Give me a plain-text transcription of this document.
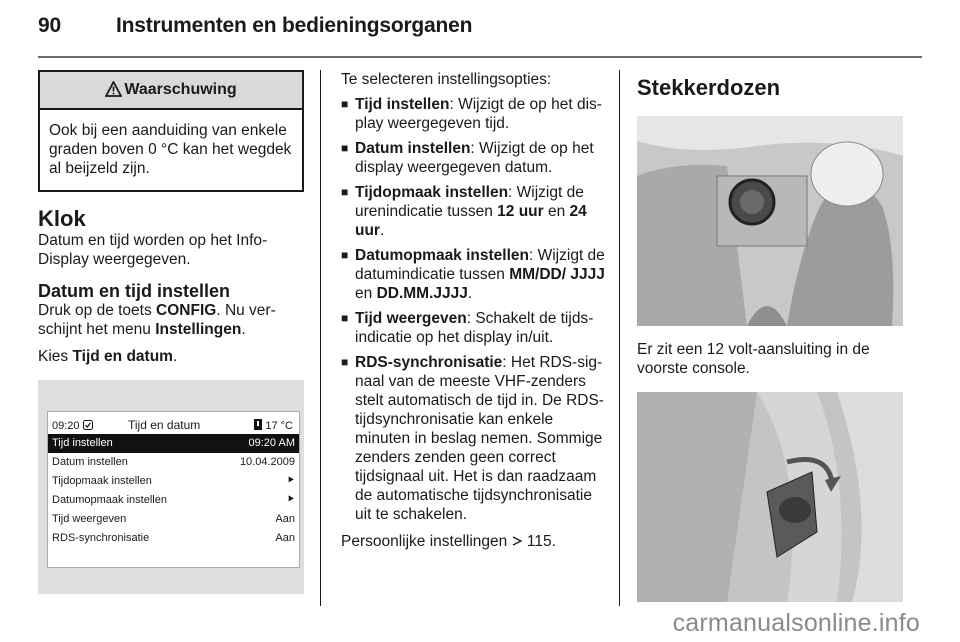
90	Instrumenten en bedieningsorganen
Waarschuwing
Ook bij een aanduiding van enkele graden boven 0 °C kan het wegdek al beijzeld zijn.
Klok

Datum en tijd worden op het Info-Display weergegeven.

Datum en tijd instellen

Druk op de toets CONFIG. Nu verschijnt het menu Instellingen.

Kies Tijd en datum.

09:20	Tijd en datum	17 °C
Tijd instellen	09:20 AM
Datum instellen	10.04.2009
Tijdopmaak instellen	⯈
Datumopmaak instellen	⯈
Tijd weergeven	Aan
RDS-synchronisatie	Aan

Te selecteren instellingsopties:

■ Tijd instellen: Wijzigt de op het display weergegeven tijd.
■ Datum instellen: Wijzigt de op het display weergegeven datum.
■ Tijdopmaak instellen: Wijzigt de urenindicatie tussen 12 uur en 24 uur.
■ Datumopmaak instellen: Wijzigt de datumindicatie tussen MM/DD/ JJJJ en DD.MM.JJJJ.
■ Tijd weergeven: Schakelt de tijdsindicatie op het display in/uit.
■ RDS-synchronisatie: Het RDS-signaal van de meeste VHF-zenders stelt automatisch de tijd in. De RDS-tijdsynchronisatie kan enkele minuten in beslag nemen. Sommige zenders zenden geen correct tijdsignaal uit. Het is dan raadzaam de automatische tijdsynchronisatie uit te schakelen.

Persoonlijke instellingen  115.

Stekkerdozen

Er zit een 12 volt-aansluiting in de voorste console.

carmanualsonline.info
